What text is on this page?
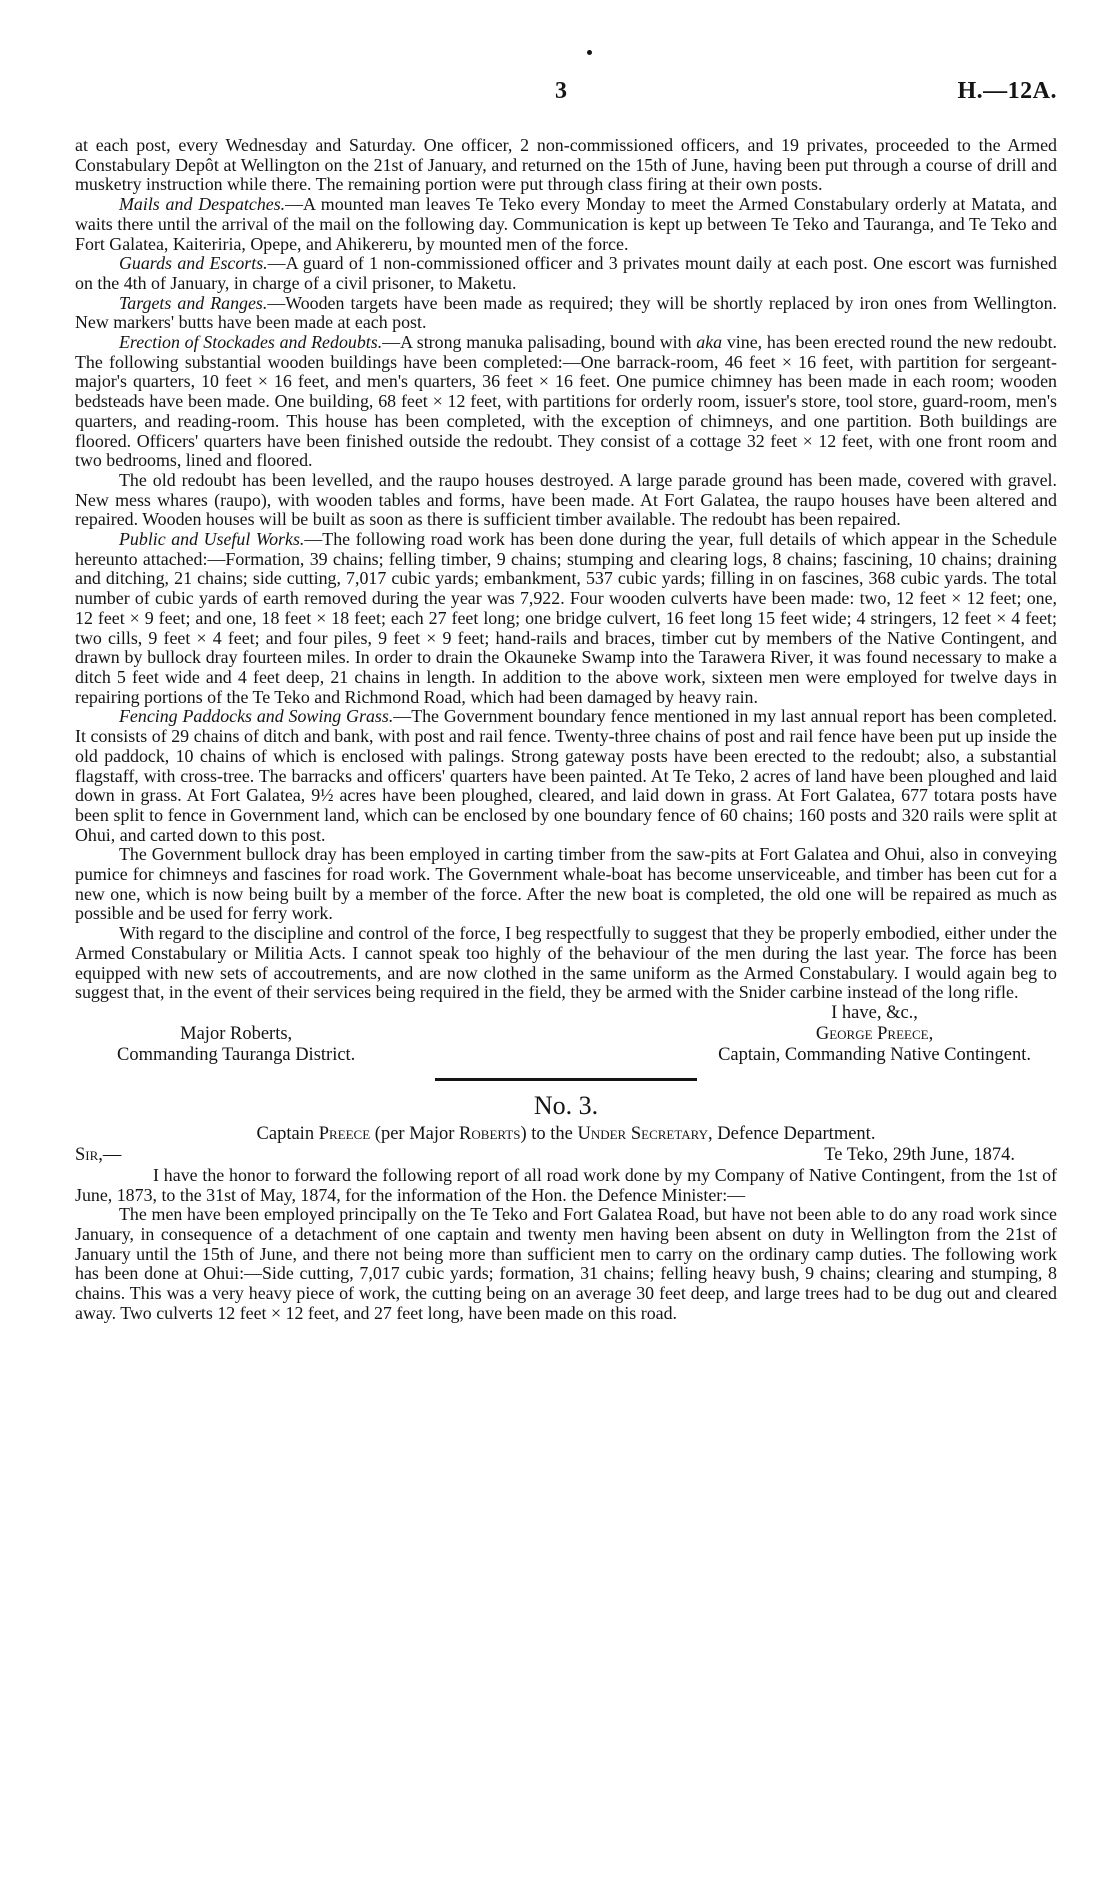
3	H.—12A.

at each post, every Wednesday and Saturday. One officer, 2 non-commissioned officers, and 19 privates, proceeded to the Armed Constabulary Depôt at Wellington on the 21st of January, and returned on the 15th of June, having been put through a course of drill and musketry instruction while there. The remaining portion were put through class firing at their own posts.

Mails and Despatches.—A mounted man leaves Te Teko every Monday to meet the Armed Constabulary orderly at Matata, and waits there until the arrival of the mail on the following day. Communication is kept up between Te Teko and Tauranga, and Te Teko and Fort Galatea, Kaiteriria, Opepe, and Ahikereru, by mounted men of the force.

Guards and Escorts.—A guard of 1 non-commissioned officer and 3 privates mount daily at each post. One escort was furnished on the 4th of January, in charge of a civil prisoner, to Maketu.

Targets and Ranges.—Wooden targets have been made as required; they will be shortly replaced by iron ones from Wellington. New markers' butts have been made at each post.

Erection of Stockades and Redoubts.—A strong manuka palisading, bound with aka vine, has been erected round the new redoubt. The following substantial wooden buildings have been completed:—One barrack-room, 46 feet × 16 feet, with partition for sergeant-major's quarters, 10 feet × 16 feet, and men's quarters, 36 feet × 16 feet. One pumice chimney has been made in each room; wooden bedsteads have been made. One building, 68 feet × 12 feet, with partitions for orderly room, issuer's store, tool store, guard-room, men's quarters, and reading-room. This house has been completed, with the exception of chimneys, and one partition. Both buildings are floored. Officers' quarters have been finished outside the redoubt. They consist of a cottage 32 feet × 12 feet, with one front room and two bedrooms, lined and floored.

The old redoubt has been levelled, and the raupo houses destroyed. A large parade ground has been made, covered with gravel. New mess whares (raupo), with wooden tables and forms, have been made. At Fort Galatea, the raupo houses have been altered and repaired. Wooden houses will be built as soon as there is sufficient timber available. The redoubt has been repaired.

Public and Useful Works.—The following road work has been done during the year, full details of which appear in the Schedule hereunto attached:—Formation, 39 chains; felling timber, 9 chains; stumping and clearing logs, 8 chains; fascining, 10 chains; draining and ditching, 21 chains; side cutting, 7,017 cubic yards; embankment, 537 cubic yards; filling in on fascines, 368 cubic yards. The total number of cubic yards of earth removed during the year was 7,922. Four wooden culverts have been made: two, 12 feet × 12 feet; one, 12 feet × 9 feet; and one, 18 feet × 18 feet; each 27 feet long; one bridge culvert, 16 feet long 15 feet wide; 4 stringers, 12 feet × 4 feet; two cills, 9 feet × 4 feet; and four piles, 9 feet × 9 feet; hand-rails and braces, timber cut by members of the Native Contingent, and drawn by bullock dray fourteen miles. In order to drain the Okauneke Swamp into the Tarawera River, it was found necessary to make a ditch 5 feet wide and 4 feet deep, 21 chains in length. In addition to the above work, sixteen men were employed for twelve days in repairing portions of the Te Teko and Richmond Road, which had been damaged by heavy rain.

Fencing Paddocks and Sowing Grass.—The Government boundary fence mentioned in my last annual report has been completed. It consists of 29 chains of ditch and bank, with post and rail fence. Twenty-three chains of post and rail fence have been put up inside the old paddock, 10 chains of which is enclosed with palings. Strong gateway posts have been erected to the redoubt; also, a substantial flagstaff, with cross-tree. The barracks and officers' quarters have been painted. At Te Teko, 2 acres of land have been ploughed and laid down in grass. At Fort Galatea, 9½ acres have been ploughed, cleared, and laid down in grass. At Fort Galatea, 677 totara posts have been split to fence in Government land, which can be enclosed by one boundary fence of 60 chains; 160 posts and 320 rails were split at Ohui, and carted down to this post.

The Government bullock dray has been employed in carting timber from the saw-pits at Fort Galatea and Ohui, also in conveying pumice for chimneys and fascines for road work. The Government whale-boat has become unserviceable, and timber has been cut for a new one, which is now being built by a member of the force. After the new boat is completed, the old one will be repaired as much as possible and be used for ferry work.

With regard to the discipline and control of the force, I beg respectfully to suggest that they be properly embodied, either under the Armed Constabulary or Militia Acts. I cannot speak too highly of the behaviour of the men during the last year. The force has been equipped with new sets of accoutrements, and are now clothed in the same uniform as the Armed Constabulary. I would again beg to suggest that, in the event of their services being required in the field, they be armed with the Snider carbine instead of the long rifle.

Major Roberts,
Commanding Tauranga District.
I have, &c.,
George Preece,
Captain, Commanding Native Contingent.
No. 3.
Captain Preece (per Major Roberts) to the Under Secretary, Defence Department.
Sir,—	Te Teko, 29th June, 1874.

I have the honor to forward the following report of all road work done by my Company of Native Contingent, from the 1st of June, 1873, to the 31st of May, 1874, for the information of the Hon. the Defence Minister:—

The men have been employed principally on the Te Teko and Fort Galatea Road, but have not been able to do any road work since January, in consequence of a detachment of one captain and twenty men having been absent on duty in Wellington from the 21st of January until the 15th of June, and there not being more than sufficient men to carry on the ordinary camp duties. The following work has been done at Ohui:—Side cutting, 7,017 cubic yards; formation, 31 chains; felling heavy bush, 9 chains; clearing and stumping, 8 chains. This was a very heavy piece of work, the cutting being on an average 30 feet deep, and large trees had to be dug out and cleared away. Two culverts 12 feet × 12 feet, and 27 feet long, have been made on this road.
